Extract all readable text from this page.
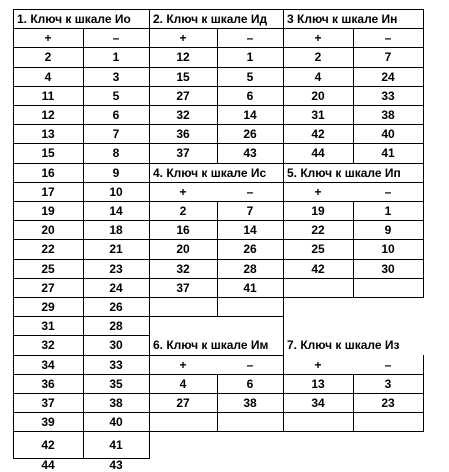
1. Ключ к шкале Ио
+	–
2	1
4	3
11	5
12	6
13	7
15	8
16	9
17	10
19	14
20	18
22	21
25	23
27	24
29	26
31	28
32	30
34	33
36	35
37	38
39	40
42	41
44	43
2. Ключ к шкале Ид
+	–
12	1
15	5
27	6
32	14
36	26
37	43
3 Ключ к шкале Ин
+	–
2	7
4	24
20	33
31	38
42	40
44	41
4. Ключ к шкале Ис
+	–
2	7
16	14
20	26
32	28
37	41
5. Ключ к шкале Ип
+	–
19	1
22	9
25	10
42	30
6. Ключ к шкале Им
+	–
4	6
27	38
7. Ключ к шкале Из
+	–
13	3
34	23
